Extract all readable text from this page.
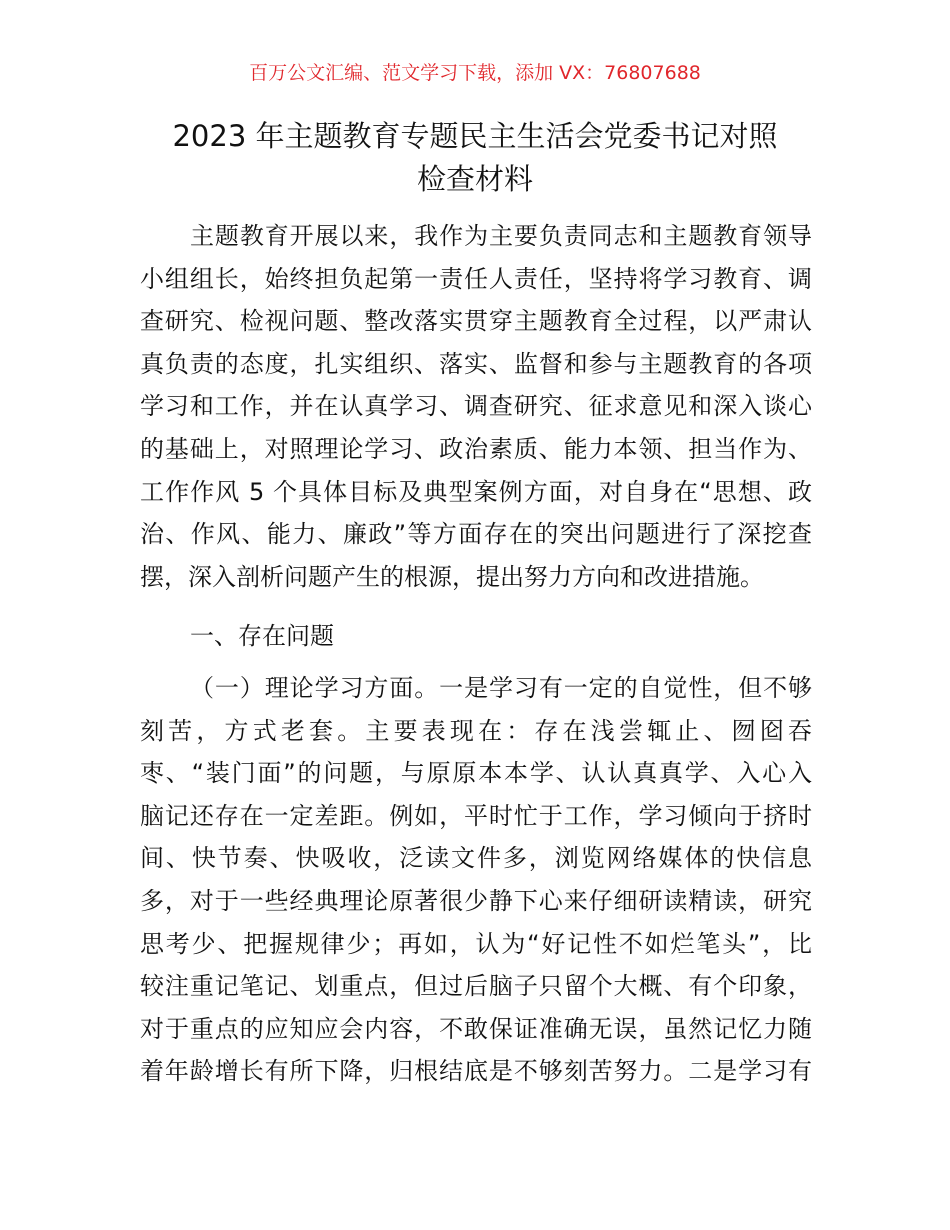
百万公文汇编、范文学习下载，添加 VX：76807688
2023 年主题教育专题民主生活会党委书记对照
检查材料
主题教育开展以来，我作为主要负责同志和主题教育领导
小组组长，始终担负起第一责任人责任，坚持将学习教育、调
查研究、检视问题、整改落实贯穿主题教育全过程，以严肃认
真负责的态度，扎实组织、落实、监督和参与主题教育的各项
学习和工作，并在认真学习、调查研究、征求意见和深入谈心
的基础上，对照理论学习、政治素质、能力本领、担当作为、
工作作风 5 个具体目标及典型案例方面，对自身在“思想、政
治、作风、能力、廉政”等方面存在的突出问题进行了深挖查
摆，深入剖析问题产生的根源，提出努力方向和改进措施。
一、存在问题
（一）理论学习方面。一是学习有一定的自觉性，但不够
刻苦，方式老套。主要表现在：存在浅尝辄止、囫囵吞
枣、“装门面”的问题，与原原本本学、认认真真学、入心入
脑记还存在一定差距。例如，平时忙于工作，学习倾向于挤时
间、快节奏、快吸收，泛读文件多，浏览网络媒体的快信息
多，对于一些经典理论原著很少静下心来仔细研读精读，研究
思考少、把握规律少；再如，认为“好记性不如烂笔头”，比
较注重记笔记、划重点，但过后脑子只留个大概、有个印象，
对于重点的应知应会内容，不敢保证准确无误，虽然记忆力随
着年龄增长有所下降，归根结底是不够刻苦努力。二是学习有
